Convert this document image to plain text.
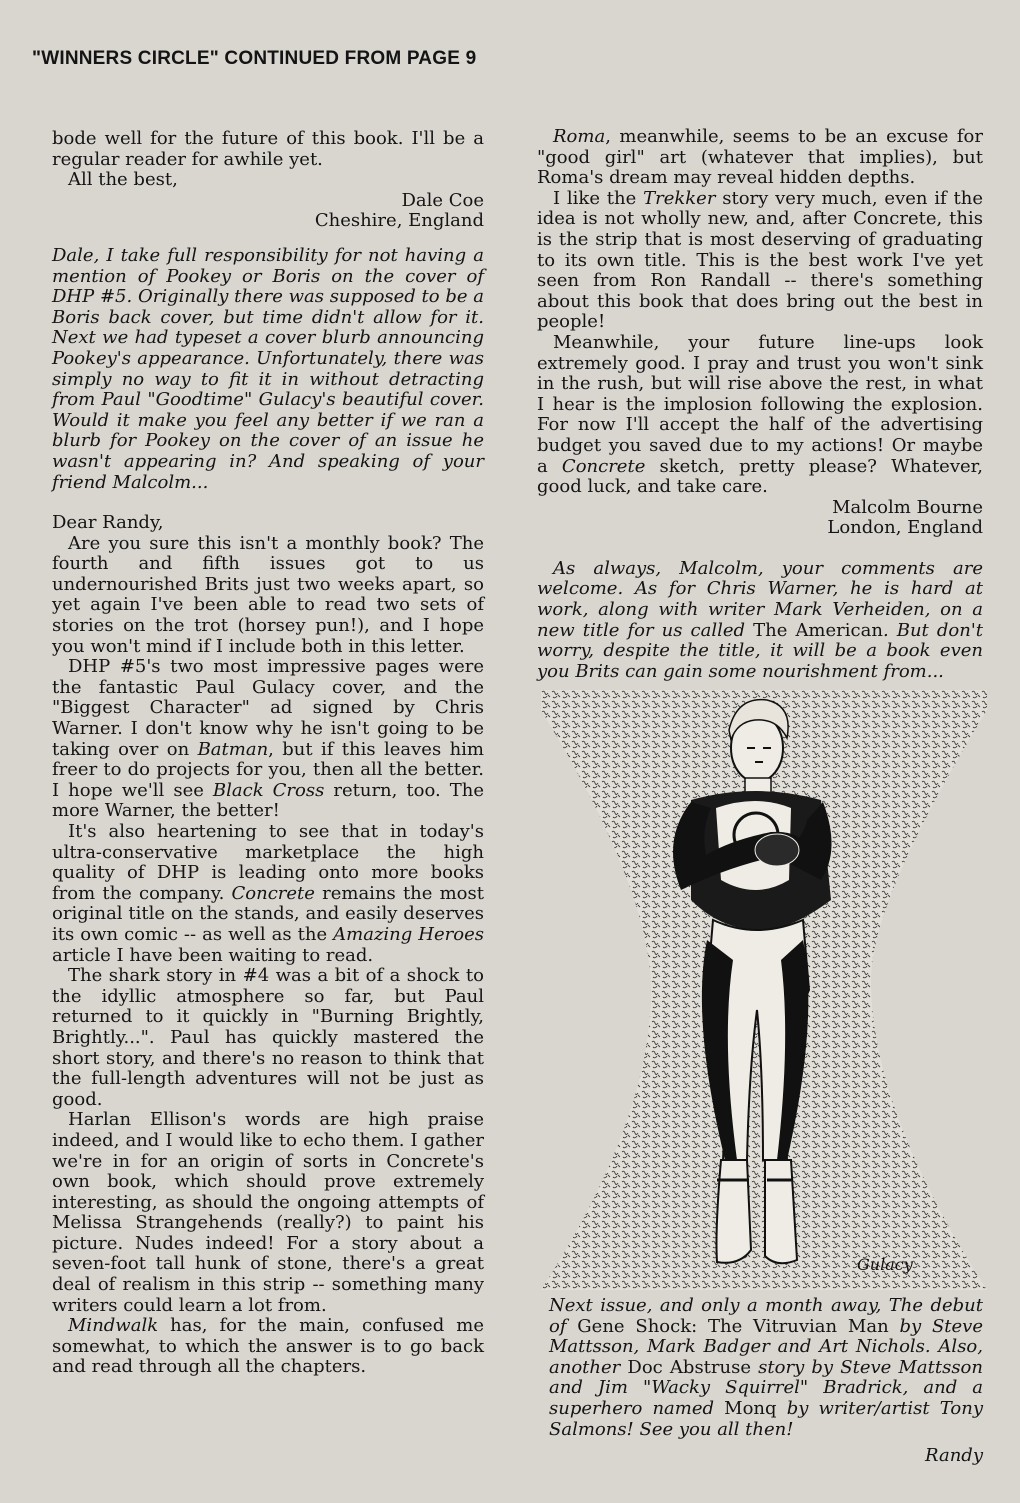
"WINNERS CIRCLE" CONTINUED FROM PAGE 9

bode well for the future of this book. I'll be a regular reader for awhile yet.

All the best,

Dale Coe

Cheshire, England

Dale, I take full responsibility for not having a mention of Pookey or Boris on the cover of DHP #5. Originally there was supposed to be a Boris back cover, but time didn't allow for it. Next we had typeset a cover blurb announcing Pookey's appearance. Unfortunately, there was simply no way to fit it in without detracting from Paul "Goodtime" Gulacy's beautiful cover. Would it make you feel any better if we ran a blurb for Pookey on the cover of an issue he wasn't appearing in? And speaking of your friend Malcolm...

Dear Randy,

Are you sure this isn't a monthly book? The fourth and fifth issues got to us undernourished Brits just two weeks apart, so yet again I've been able to read two sets of stories on the trot (horsey pun!), and I hope you won't mind if I include both in this letter.

DHP #5's two most impressive pages were the fantastic Paul Gulacy cover, and the "Biggest Character" ad signed by Chris Warner. I don't know why he isn't going to be taking over on Batman, but if this leaves him freer to do projects for you, then all the better. I hope we'll see Black Cross return, too. The more Warner, the better!

It's also heartening to see that in today's ultra-conservative marketplace the high quality of DHP is leading onto more books from the company. Concrete remains the most original title on the stands, and easily deserves its own comic -- as well as the Amazing Heroes article I have been waiting to read.

The shark story in #4 was a bit of a shock to the idyllic atmosphere so far, but Paul returned to it quickly in "Burning Brightly, Brightly...". Paul has quickly mastered the short story, and there's no reason to think that the full-length adventures will not be just as good.

Harlan Ellison's words are high praise indeed, and I would like to echo them. I gather we're in for an origin of sorts in Concrete's own book, which should prove extremely interesting, as should the ongoing attempts of Melissa Strangehends (really?) to paint his picture. Nudes indeed! For a story about a seven-foot tall hunk of stone, there's a great deal of realism in this strip -- something many writers could learn a lot from.

Mindwalk has, for the main, confused me somewhat, to which the answer is to go back and read through all the chapters.

Roma, meanwhile, seems to be an excuse for "good girl" art (whatever that implies), but Roma's dream may reveal hidden depths.

I like the Trekker story very much, even if the idea is not wholly new, and, after Concrete, this is the strip that is most deserving of graduating to its own title. This is the best work I've yet seen from Ron Randall -- there's something about this book that does bring out the best in people!

Meanwhile, your future line-ups look extremely good. I pray and trust you won't sink in the rush, but will rise above the rest, in what I hear is the implosion following the explosion. For now I'll accept the half of the advertising budget you saved due to my actions! Or maybe a Concrete sketch, pretty please? Whatever, good luck, and take care.

Malcolm Bourne

London, England

As always, Malcolm, your comments are welcome. As for Chris Warner, he is hard at work, along with writer Mark Verheiden, on a new title for us called The American. But don't worry, despite the title, it will be a book even you Brits can gain some nourishment from...

Gulacy
Next issue, and only a month away, The debut of Gene Shock: The Vitruvian Man by Steve Mattsson, Mark Badger and Art Nichols. Also, another Doc Abstruse story by Steve Mattsson and Jim "Wacky Squirrel" Bradrick, and a superhero named Monq by writer/artist Tony Salmons! See you all then!
Randy
